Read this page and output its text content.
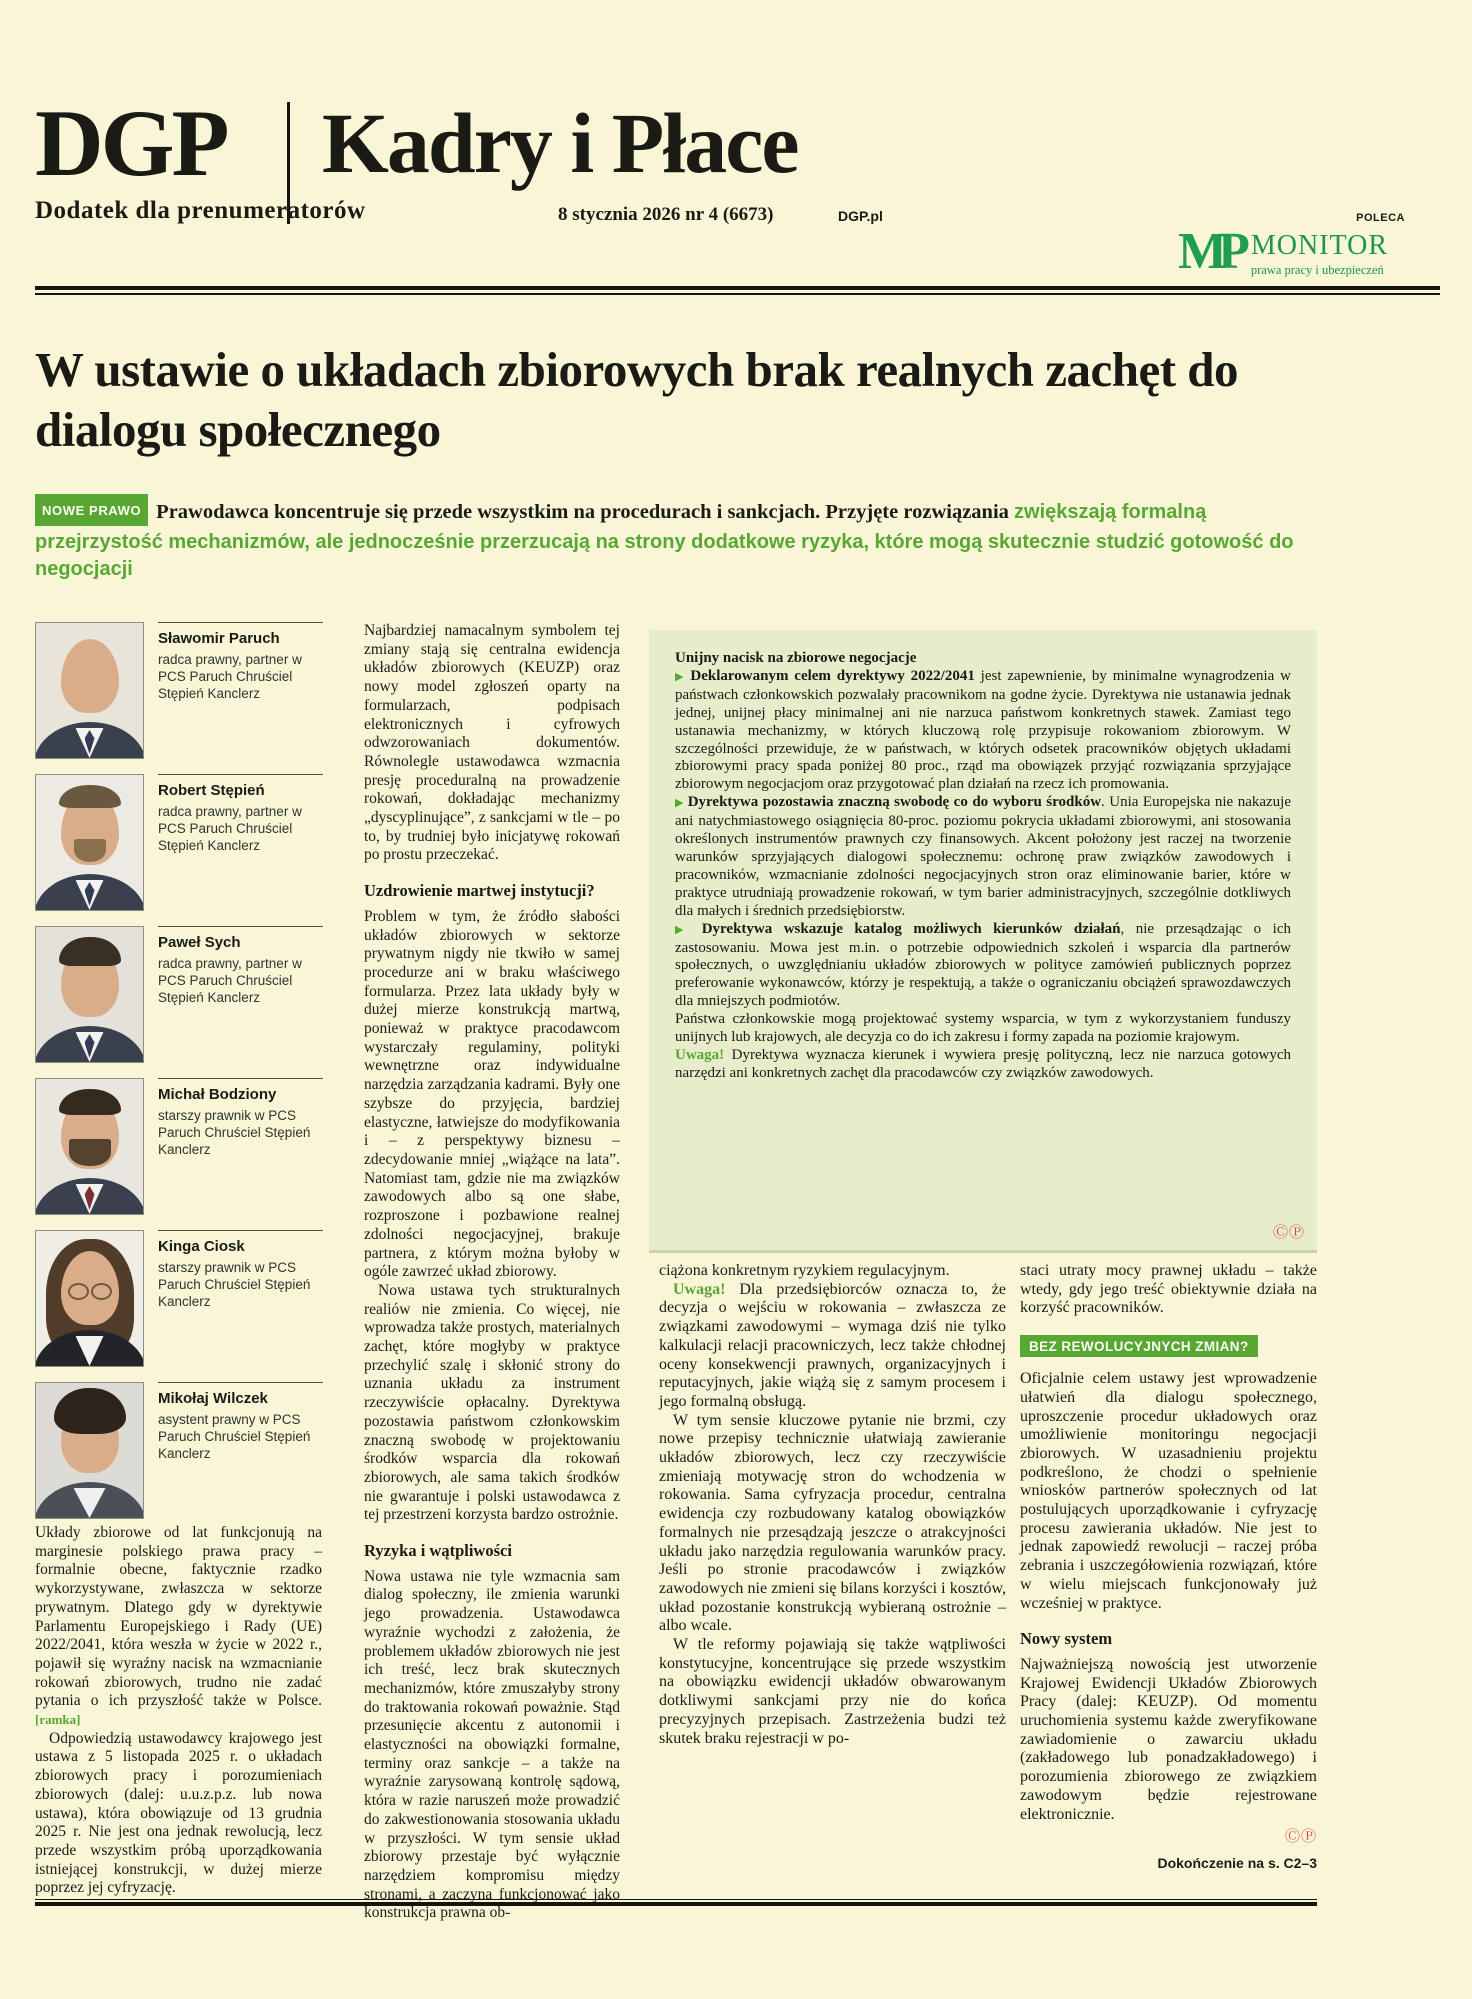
DGP Kadry i Płace
Dodatek dla prenumeratorów	8 stycznia 2026 nr 4 (6673)	DGP.pl	POLECA
MP MONITOR
prawa pracy i ubezpieczeń
W ustawie o układach zbiorowych brak realnych zachęt do dialogu społecznego
NOWE PRAWO Prawodawca koncentruje się przede wszystkim na procedurach i sankcjach. Przyjęte rozwiązania zwiększają formalną przejrzystość mechanizmów, ale jednocześnie przerzucają na strony dodatkowe ryzyka, które mogą skutecznie studzić gotowość do negocjacji
Sławomir Paruch
radca prawny, partner w PCS Paruch Chruściel Stępień Kanclerz
Robert Stępień
radca prawny, partner w PCS Paruch Chruściel Stępień Kanclerz
Paweł Sych
radca prawny, partner w PCS Paruch Chruściel Stępień Kanclerz
Michał Bodziony
starszy prawnik w PCS Paruch Chruściel Stępień Kanclerz
Kinga Ciosk
starszy prawnik w PCS Paruch Chruściel Stępień Kanclerz
Mikołaj Wilczek
asystent prawny w PCS Paruch Chruściel Stępień Kanclerz

Układy zbiorowe od lat funkcjonują na marginesie polskiego prawa pracy – formalnie obecne, faktycznie rzadko wykorzystywane, zwłaszcza w sektorze prywatnym. Dlatego gdy w dyrektywie Parlamentu Europejskiego i Rady (UE) 2022/2041, która weszła w życie w 2022 r., pojawił się wyraźny nacisk na wzmacnianie rokowań zbiorowych, trudno nie zadać pytania o ich przyszłość także w Polsce. [ramka]

Odpowiedzią ustawodawcy krajowego jest ustawa z 5 listopada 2025 r. o układach zbiorowych pracy i porozumieniach zbiorowych (dalej: u.u.z.p.z. lub nowa ustawa), która obowiązuje od 13 grudnia 2025 r. Nie jest ona jednak rewolucją, lecz przede wszystkim próbą uporządkowania istniejącej konstrukcji, w dużej mierze poprzez jej cyfryzację.

Najbardziej namacalnym symbolem tej zmiany stają się centralna ewidencja układów zbiorowych (KEUZP) oraz nowy model zgłoszeń oparty na formularzach, podpisach elektronicznych i cyfrowych odwzorowaniach dokumentów. Równolegle ustawodawca wzmacnia presję proceduralną na prowadzenie rokowań, dokładając mechanizmy „dyscyplinujące”, z sankcjami w tle – po to, by trudniej było inicjatywę rokowań po prostu przeczekać.

Uzdrowienie martwej instytucji?

Problem w tym, że źródło słabości układów zbiorowych w sektorze prywatnym nigdy nie tkwiło w samej procedurze ani w braku właściwego formularza. Przez lata układy były w dużej mierze konstrukcją martwą, ponieważ w praktyce pracodawcom wystarczały regulaminy, polityki wewnętrzne oraz indywidualne narzędzia zarządzania kadrami. Były one szybsze do przyjęcia, bardziej elastyczne, łatwiejsze do modyfikowania i – z perspektywy biznesu – zdecydowanie mniej „wiążące na lata”. Natomiast tam, gdzie nie ma związków zawodowych albo są one słabe, rozproszone i pozbawione realnej zdolności negocjacyjnej, brakuje partnera, z którym można byłoby w ogóle zawrzeć układ zbiorowy.

Nowa ustawa tych strukturalnych realiów nie zmienia. Co więcej, nie wprowadza także prostych, materialnych zachęt, które mogłyby w praktyce przechylić szalę i skłonić strony do uznania układu za instrument rzeczywiście opłacalny. Dyrektywa pozostawia państwom członkowskim znaczną swobodę w projektowaniu środków wsparcia dla rokowań zbiorowych, ale sama takich środków nie gwarantuje i polski ustawodawca z tej przestrzeni korzysta bardzo ostrożnie.

Ryzyka i wątpliwości

Nowa ustawa nie tyle wzmacnia sam dialog społeczny, ile zmienia warunki jego prowadzenia. Ustawodawca wyraźnie wychodzi z założenia, że problemem układów zbiorowych nie jest ich treść, lecz brak skutecznych mechanizmów, które zmuszałyby strony do traktowania rokowań poważnie. Stąd przesunięcie akcentu z autonomii i elastyczności na obowiązki formalne, terminy oraz sankcje – a także na wyraźnie zarysowaną kontrolę sądową, która w razie naruszeń może prowadzić do zakwestionowania stosowania układu w przyszłości. W tym sensie układ zbiorowy przestaje być wyłącznie narzędziem kompromisu między stronami, a zaczyna funkcjonować jako konstrukcja prawna ob-

Unijny nacisk na zbiorowe negocjacje

▶ Deklarowanym celem dyrektywy 2022/2041 jest zapewnienie, by minimalne wynagrodzenia w państwach członkowskich pozwalały pracownikom na godne życie. Dyrektywa nie ustanawia jednak jednej, unijnej płacy minimalnej ani nie narzuca państwom konkretnych stawek. Zamiast tego ustanawia mechanizmy, w których kluczową rolę przypisuje rokowaniom zbiorowym. W szczególności przewiduje, że w państwach, w których odsetek pracowników objętych układami zbiorowymi pracy spada poniżej 80 proc., rząd ma obowiązek przyjąć rozwiązania sprzyjające zbiorowym negocjacjom oraz przygotować plan działań na rzecz ich promowania.

▶ Dyrektywa pozostawia znaczną swobodę co do wyboru środków. Unia Europejska nie nakazuje ani natychmiastowego osiągnięcia 80-proc. poziomu pokrycia układami zbiorowymi, ani stosowania określonych instrumentów prawnych czy finansowych. Akcent położony jest raczej na tworzenie warunków sprzyjających dialogowi społecznemu: ochronę praw związków zawodowych i pracowników, wzmacnianie zdolności negocjacyjnych stron oraz eliminowanie barier, które w praktyce utrudniają prowadzenie rokowań, w tym barier administracyjnych, szczególnie dotkliwych dla małych i średnich przedsiębiorstw.

▶ Dyrektywa wskazuje katalog możliwych kierunków działań, nie przesądzając o ich zastosowaniu. Mowa jest m.in. o potrzebie odpowiednich szkoleń i wsparcia dla partnerów społecznych, o uwzględnianiu układów zbiorowych w polityce zamówień publicznych poprzez preferowanie wykonawców, którzy je respektują, a także o ograniczaniu obciążeń sprawozdawczych dla mniejszych podmiotów.

Państwa członkowskie mogą projektować systemy wsparcia, w tym z wykorzystaniem funduszy unijnych lub krajowych, ale decyzja co do ich zakresu i formy zapada na poziomie krajowym.

Uwaga! Dyrektywa wyznacza kierunek i wywiera presję polityczną, lecz nie narzuca gotowych narzędzi ani konkretnych zachęt dla pracodawców czy związków zawodowych.

ⒸⓅ

ciążona konkretnym ryzykiem regulacyjnym.

Uwaga! Dla przedsiębiorców oznacza to, że decyzja o wejściu w rokowania – zwłaszcza ze związkami zawodowymi – wymaga dziś nie tylko kalkulacji relacji pracowniczych, lecz także chłodnej oceny konsekwencji prawnych, organizacyjnych i reputacyjnych, jakie wiążą się z samym procesem i jego formalną obsługą.

W tym sensie kluczowe pytanie nie brzmi, czy nowe przepisy technicznie ułatwiają zawieranie układów zbiorowych, lecz czy rzeczywiście zmieniają motywację stron do wchodzenia w rokowania. Sama cyfryzacja procedur, centralna ewidencja czy rozbudowany katalog obowiązków formalnych nie przesądzają jeszcze o atrakcyjności układu jako narzędzia regulowania warunków pracy. Jeśli po stronie pracodawców i związków zawodowych nie zmieni się bilans korzyści i kosztów, układ pozostanie konstrukcją wybieraną ostrożnie – albo wcale.

W tle reformy pojawiają się także wątpliwości konstytucyjne, koncentrujące się przede wszystkim na obowiązku ewidencji układów obwarowanym dotkliwymi sankcjami przy nie do końca precyzyjnych przepisach. Zastrzeżenia budzi też skutek braku rejestracji w po-

staci utraty mocy prawnej układu – także wtedy, gdy jego treść obiektywnie działa na korzyść pracowników.

BEZ REWOLUCYJNYCH ZMIAN?

Oficjalnie celem ustawy jest wprowadzenie ułatwień dla dialogu społecznego, uproszczenie procedur układowych oraz umożliwienie monitoringu negocjacji zbiorowych. W uzasadnieniu projektu podkreślono, że chodzi o spełnienie wniosków partnerów społecznych od lat postulujących uporządkowanie i cyfryzację procesu zawierania układów. Nie jest to jednak zapowiedź rewolucji – raczej próba zebrania i uszczegółowienia rozwiązań, które w wielu miejscach funkcjonowały już wcześniej w praktyce.

Nowy system

Najważniejszą nowością jest utworzenie Krajowej Ewidencji Układów Zbiorowych Pracy (dalej: KEUZP). Od momentu uruchomienia systemu każde zweryfikowane zawiadomienie o zawarciu układu (zakładowego lub ponadzakładowego) i porozumienia zbiorowego ze związkiem zawodowym będzie rejestrowane elektronicznie.

ⒸⓅ
Dokończenie na s. C2–3
